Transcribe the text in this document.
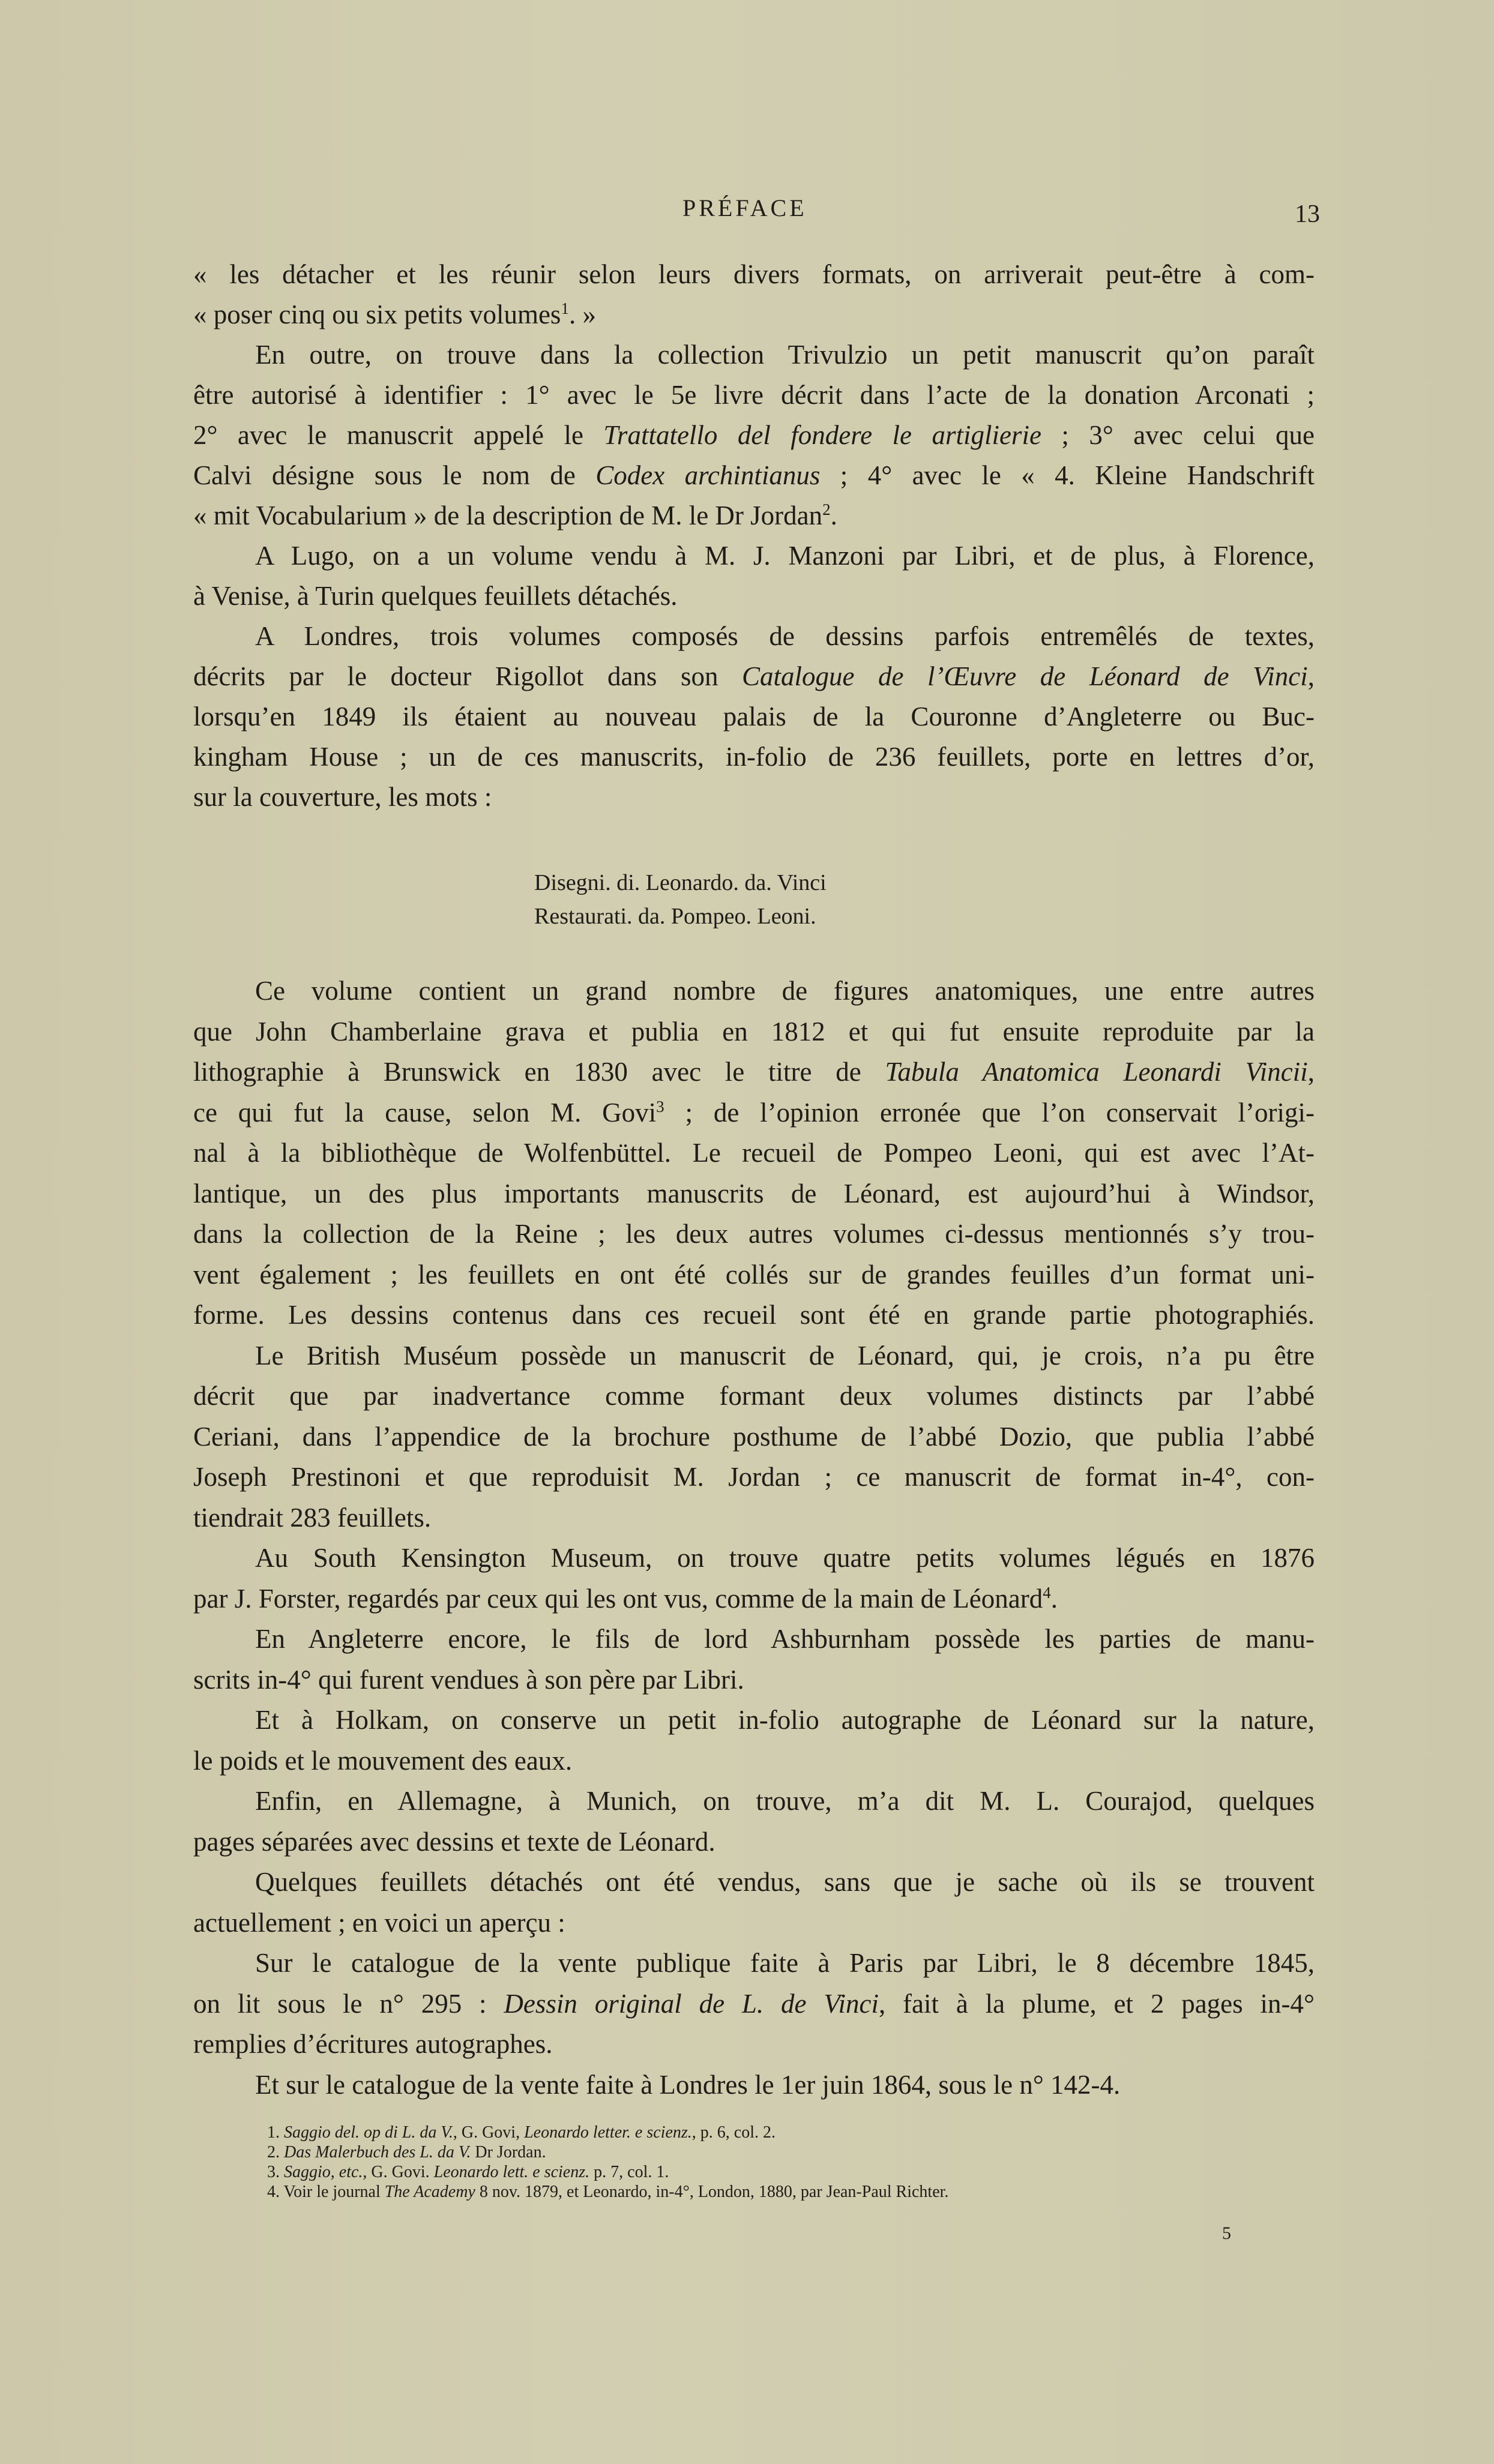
PRÉFACE	13
« les détacher et les réunir selon leurs divers formats, on arriverait peut-être à com-
« poser cinq ou six petits volumes$^1$. »
En outre, on trouve dans la collection Trivulzio un petit manuscrit qu’on paraît
être autorisé à identifier : 1° avec le 5e livre décrit dans l’acte de la donation Arconati ;
2° avec le manuscrit appelé le Trattatello del fondere le artiglierie ; 3° avec celui que
Calvi désigne sous le nom de Codex archintianus ; 4° avec le « 4. Kleine Handschrift
« mit Vocabularium » de la description de M. le Dr Jordan$^2$.
A Lugo, on a un volume vendu à M. J. Manzoni par Libri, et de plus, à Florence,
à Venise, à Turin quelques feuillets détachés.
A Londres, trois volumes composés de dessins parfois entremêlés de textes,
décrits par le docteur Rigollot dans son Catalogue de l’Œuvre de Léonard de Vinci,
lorsqu’en 1849 ils étaient au nouveau palais de la Couronne d’Angleterre ou Buc-
kingham House ; un de ces manuscrits, in-folio de 236 feuillets, porte en lettres d’or,
sur la couverture, les mots :
Disegni. di. Leonardo. da. Vinci
Restaurati. da. Pompeo. Leoni.
Ce volume contient un grand nombre de figures anatomiques, une entre autres
que John Chamberlaine grava et publia en 1812 et qui fut ensuite reproduite par la
lithographie à Brunswick en 1830 avec le titre de Tabula Anatomica Leonardi Vincii,
ce qui fut la cause, selon M. Govi$^3$ ; de l’opinion erronée que l’on conservait l’origi-
nal à la bibliothèque de Wolfenbüttel. Le recueil de Pompeo Leoni, qui est avec l’At-
lantique, un des plus importants manuscrits de Léonard, est aujourd’hui à Windsor,
dans la collection de la Reine ; les deux autres volumes ci-dessus mentionnés s’y trou-
vent également ; les feuillets en ont été collés sur de grandes feuilles d’un format uni-
forme. Les dessins contenus dans ces recueil sont été en grande partie photographiés.
Le British Muséum possède un manuscrit de Léonard, qui, je crois, n’a pu être
décrit que par inadvertance comme formant deux volumes distincts par l’abbé
Ceriani, dans l’appendice de la brochure posthume de l’abbé Dozio, que publia l’abbé
Joseph Prestinoni et que reproduisit M. Jordan ; ce manuscrit de format in-4°, con-
tiendrait 283 feuillets.
Au South Kensington Museum, on trouve quatre petits volumes légués en 1876
par J. Forster, regardés par ceux qui les ont vus, comme de la main de Léonard$^4$.
En Angleterre encore, le fils de lord Ashburnham possède les parties de manu-
scrits in-4° qui furent vendues à son père par Libri.
Et à Holkam, on conserve un petit in-folio autographe de Léonard sur la nature,
le poids et le mouvement des eaux.
Enfin, en Allemagne, à Munich, on trouve, m’a dit M. L. Courajod, quelques
pages séparées avec dessins et texte de Léonard.
Quelques feuillets détachés ont été vendus, sans que je sache où ils se trouvent
actuellement ; en voici un aperçu :
Sur le catalogue de la vente publique faite à Paris par Libri, le 8 décembre 1845,
on lit sous le n° 295 : Dessin original de L. de Vinci, fait à la plume, et 2 pages in-4°
remplies d’écritures autographes.
Et sur le catalogue de la vente faite à Londres le 1er juin 1864, sous le n° 142-4.
1. Saggio del. op di L. da V., G. Govi, Leonardo letter. e scienz., p. 6, col. 2.
2. Das Malerbuch des L. da V. Dr Jordan.
3. Saggio, etc., G. Govi. Leonardo lett. e scienz. p. 7, col. 1.
4. Voir le journal The Academy 8 nov. 1879, et Leonardo, in-4°, London, 1880, par Jean-Paul Richter.
5
